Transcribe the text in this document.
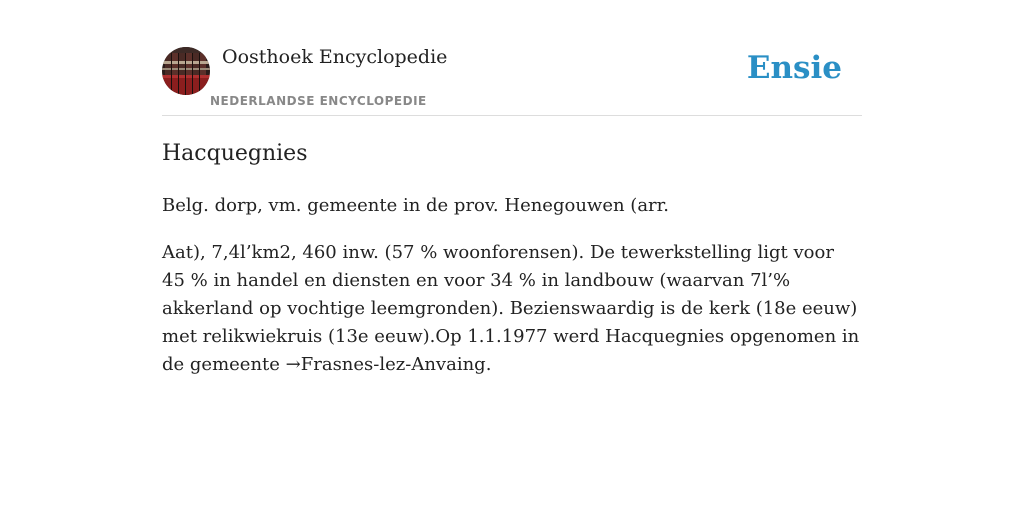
Oosthoek Encyclopedie
NEDERLANDSE ENCYCLOPEDIE
Ensie
Hacquegnies

Belg. dorp, vm. gemeente in de prov. Henegouwen (arr.

Aat), 7,4l’km2, 460 inw. (57 % woonforensen). De tewerkstelling ligt voor 45 % in handel en diensten en voor 34 % in landbouw (waarvan 7l’% akkerland op vochtige leemgronden). Bezienswaardig is de kerk (18e eeuw) met relikwiekruis (13e eeuw).Op 1.1.1977 werd Hacquegnies opgenomen in de gemeente →Frasnes-lez-Anvaing.
